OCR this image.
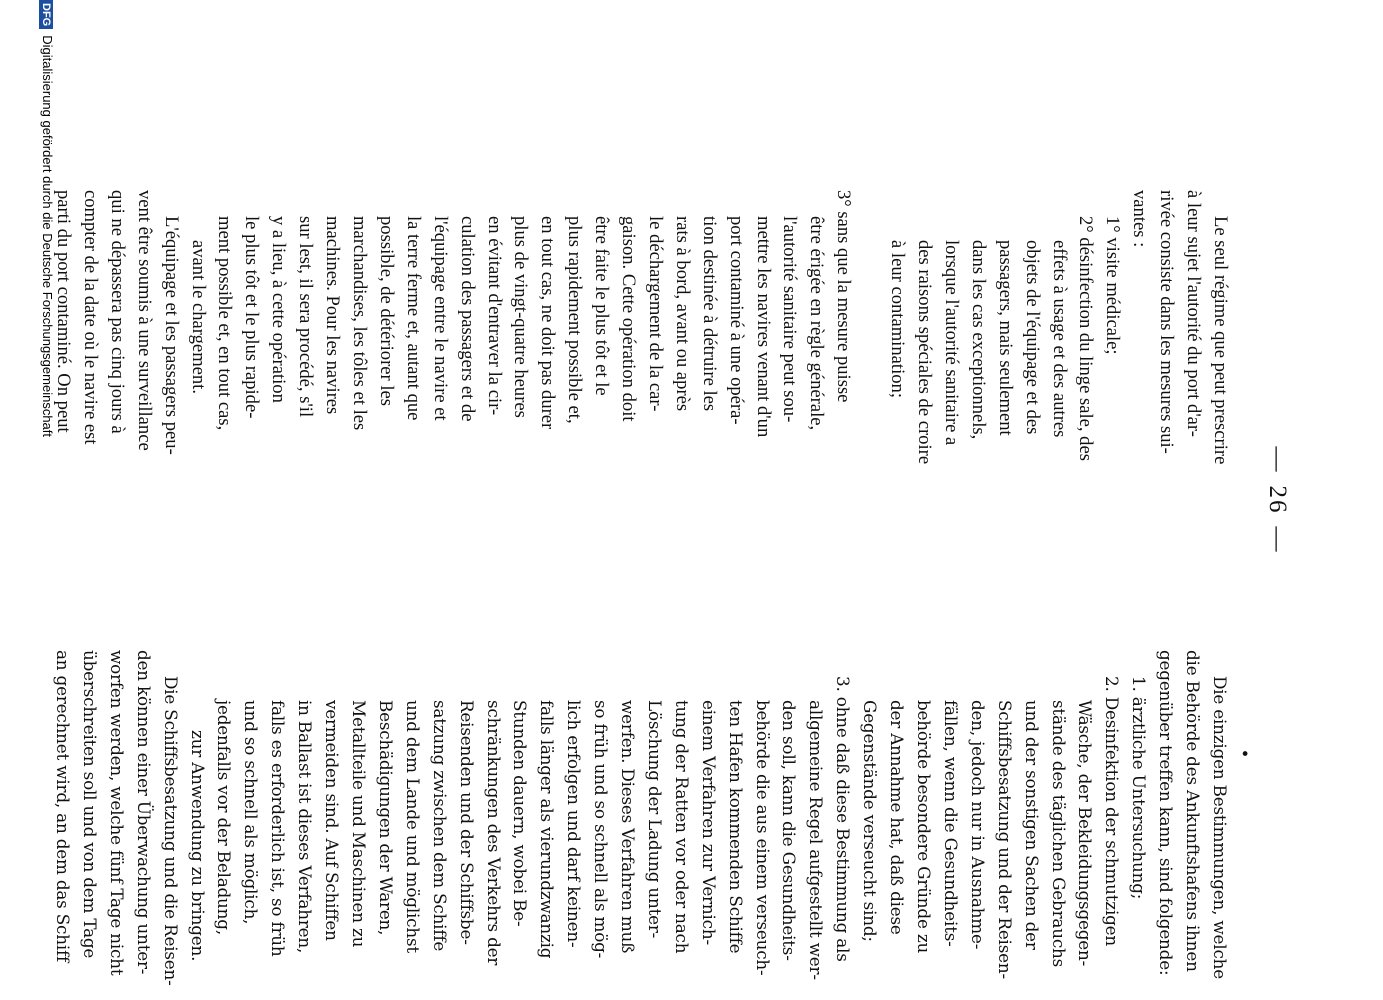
—26—
•
Le seul régime que peut prescrire
à leur sujet l'autorité du port d'ar-
rivée consiste dans les mesures sui-
vantes :
1° visite médicale;
2° désinfection du linge sale, des
effets à usage et des autres
objets de l'équipage et des
passagers, mais seulement
dans les cas exceptionnels,
lorsque l'autorité sanitaire a
des raisons spéciales de croire
à leur contamination;

3° sans que la mesure puisse
être érigée en règle générale,
l'autorité sanitaire peut sou-
mettre les navires venant d'un
port contaminé à une opéra-
tion destinée à détruire les
rats à bord, avant ou après
le déchargement de la car-
gaison. Cette opération doit
être faite le plus tôt et le
plus rapidement possible et,
en tout cas, ne doit pas durer
plus de vingt-quatre heures
en évitant d'entraver la cir-
culation des passagers et de
l'équipage entre le navire et
la terre ferme et, autant que
possible, de détériorer les
marchandises, les tôles et les
machines. Pour les navires
sur lest, il sera procédé, s'il
y a lieu, à cette opération
le plus tôt et le plus rapide-
ment possible et, en tout cas,
avant le chargement.
L'équipage et les passagers peu-
vent être soumis à une surveillance
qui ne dépassera pas cinq jours à
compter de la date où le navire est
parti du port contaminé. On peut
Die einzigen Bestimmungen, welche
die Behörde des Ankunftshafens ihnen
gegenüber treffen kann, sind folgende:
1. ärztliche Untersuchung;
2. Desinfektion der schmutzigen
Wäsche, der Bekleidungsgegen-
stände des täglichen Gebrauchs
und der sonstigen Sachen der
Schiffsbesatzung und der Reisen-
den, jedoch nur in Ausnahme-
fällen, wenn die Gesundheits-
behörde besondere Gründe zu
der Annahme hat, daß diese
Gegenstände verseucht sind;
3. ohne daß diese Bestimmung als
allgemeine Regel aufgestellt wer-
den soll, kann die Gesundheits-
behörde die aus einem verseuch-
ten Hafen kommenden Schiffe
einem Verfahren zur Vernich-
tung der Ratten vor oder nach
Löschung der Ladung unter-
werfen. Dieses Verfahren muß
so früh und so schnell als mög-
lich erfolgen und darf keinen-
falls länger als vierundzwanzig
Stunden dauern, wobei Be-
schränkungen des Verkehrs der
Reisenden und der Schiffsbe-
satzung zwischen dem Schiffe
und dem Lande und möglichst
Beschädigungen der Waren,
Metallteile und Maschinen zu
vermeiden sind. Auf Schiffen
in Ballast ist dieses Verfahren,
falls es erforderlich ist, so früh
und so schnell als möglich,
jedenfalls vor der Beladung,
zur Anwendung zu bringen.
Die Schiffsbesatzung und die Reisen-
den können einer Überwachung unter-
worfen werden, welche fünf Tage nicht
überschreiten soll und von dem Tage
an gerechnet wird, an dem das Schiff
DFGDigitalisierung gefördert durch die Deutsche Forschungsgemeinschaft
